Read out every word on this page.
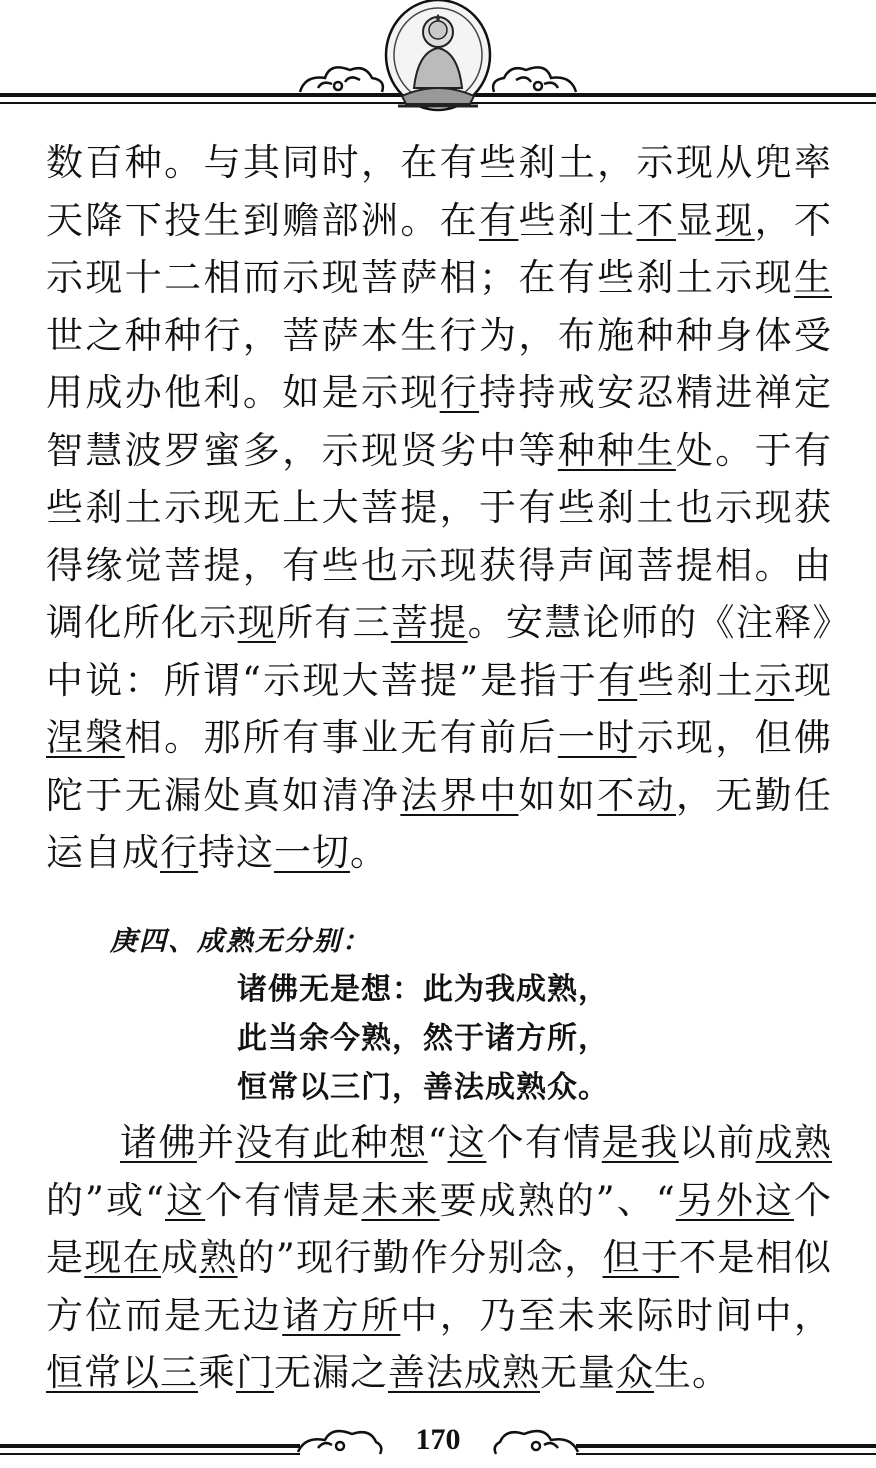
数百种。与其同时，在有些刹土，示现从兜率天降下投生到赡部洲。在有些刹土不显现，不示现十二相而示现菩萨相；在有些刹土示现生世之种种行，菩萨本生行为，布施种种身体受用成办他利。如是示现行持持戒安忍精进禅定智慧波罗蜜多，示现贤劣中等种种生处。于有些刹土示现无上大菩提，于有些刹土也示现获得缘觉菩提，有些也示现获得声闻菩提相。由调化所化示现所有三菩提。安慧论师的《注释》中说：所谓“示现大菩提”是指于有些刹土示现涅槃相。那所有事业无有前后一时示现，但佛陀于无漏处真如清净法界中如如不动，无勤任运自成行持这一切。

庚四、成熟无分别：
诸佛无是想：此为我成熟，
此当余今熟，然于诸方所，
恒常以三门，善法成熟众。

诸佛并没有此种想“这个有情是我以前成熟的”或“这个有情是未来要成熟的”、“另外这个是现在成熟的”现行勤作分别念，但于不是相似方位而是无边诸方所中，乃至未来际时间中，恒常以三乘门无漏之善法成熟无量众生。

170
